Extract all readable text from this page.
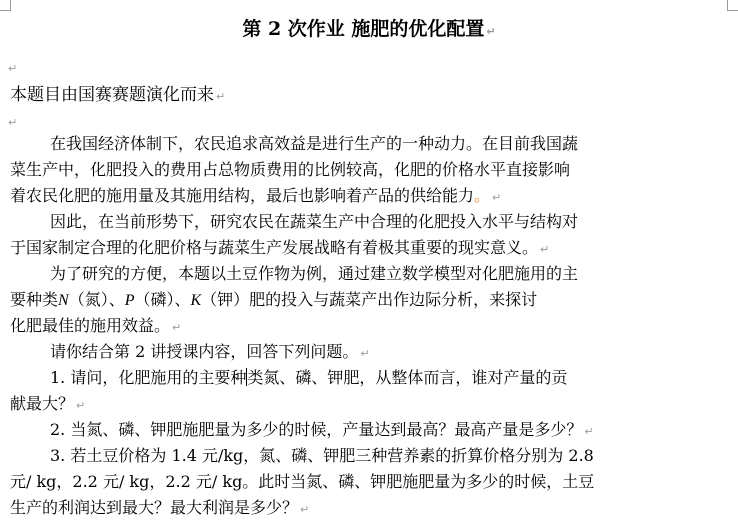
第 2 次作业 施肥的优化配置 ↵
↵
本题目由国赛赛题演化而来 ↵
↵
在我国经济体制下，农民追求高效益是进行生产的一种动力。在目前我国蔬
菜生产中，化肥投入的费用占总物质费用的比例较高，化肥的价格水平直接影响
着农民化肥的施用量及其施用结构，最后也影响着产品的供给能力。 ↵
因此，在当前形势下，研究农民在蔬菜生产中合理的化肥投入水平与结构对
于国家制定合理的化肥价格与蔬菜生产发展战略有着极其重要的现实意义。 ↵
为了研究的方便，本题以土豆作物为例，通过建立数学模型对化肥施用的主
要种类N（氮）、P（磷）、K（钾）肥的投入与蔬菜产出作边际分析，来探讨
化肥最佳的施用效益。 ↵
请你结合第 2 讲授课内容，回答下列问题。 ↵
1. 请问，化肥施用的主要种类氮、磷、钾肥，从整体而言，谁对产量的贡
献最大？ ↵
2. 当氮、磷、钾肥施肥量为多少的时候，产量达到最高？最高产量是多少？ ↵
3. 若土豆价格为 1.4 元/kg，氮、磷、钾肥三种营养素的折算价格分别为 2.8
元/ kg，2.2 元/ kg，2.2 元/ kg。此时当氮、磷、钾肥施肥量为多少的时候，土豆
生产的利润达到最大？最大利润是多少？ ↵
